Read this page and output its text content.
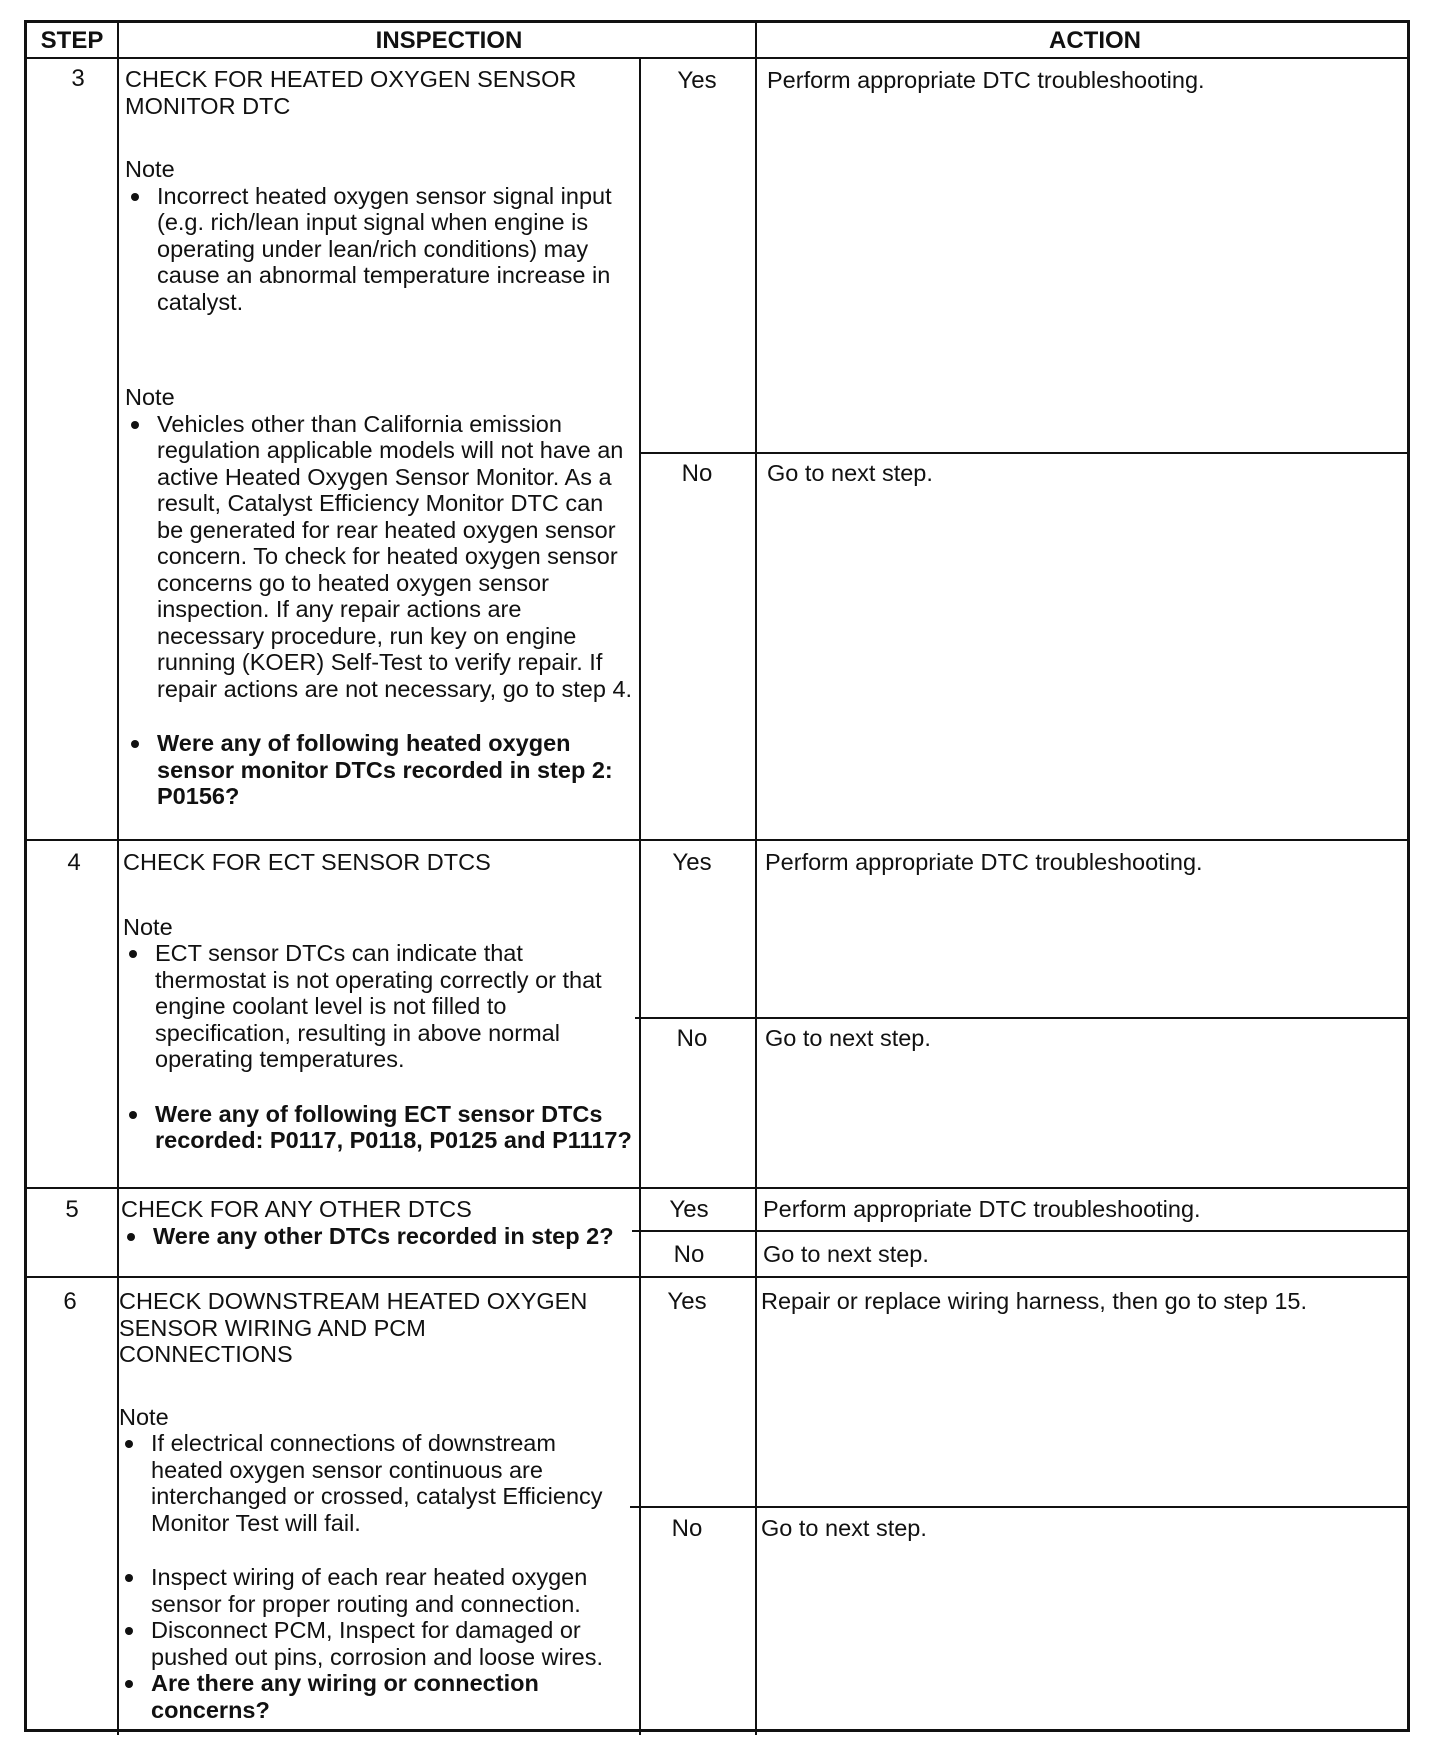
STEP	INSPECTION	ACTION
3	CHECK FOR HEATED OXYGEN SENSOR
MONITOR DTC
Note
Incorrect heated oxygen sensor signal input (e.g. rich/lean input signal when engine is operating under lean/rich conditions) may cause an abnormal temperature increase in catalyst.
Note
Vehicles other than California emission regulation applicable models will not have an active Heated Oxygen Sensor Monitor. As a result, Catalyst Efficiency Monitor DTC can be generated for rear heated oxygen sensor concern. To check for heated oxygen sensor concerns go to heated oxygen sensor inspection. If any repair actions are necessary procedure, run key on engine running (KOER) Self-Test to verify repair. If repair actions are not necessary, go to step 4.
Were any of following heated oxygen sensor monitor DTCs recorded in step 2: P0156?
Yes	Perform appropriate DTC troubleshooting.
No	Go to next step.
4	CHECK FOR ECT SENSOR DTCS
Note
ECT sensor DTCs can indicate that thermostat is not operating correctly or that engine coolant level is not filled to specification, resulting in above normal operating temperatures.
Were any of following ECT sensor DTCs recorded: P0117, P0118, P0125 and P1117?
Yes	Perform appropriate DTC troubleshooting.
No	Go to next step.
5	CHECK FOR ANY OTHER DTCS
Were any other DTCs recorded in step 2?
Yes	Perform appropriate DTC troubleshooting.
No	Go to next step.
6	CHECK DOWNSTREAM HEATED OXYGEN
SENSOR WIRING AND PCM
CONNECTIONS
Note
If electrical connections of downstream heated oxygen sensor continuous are interchanged or crossed, catalyst Efficiency Monitor Test will fail.
Inspect wiring of each rear heated oxygen sensor for proper routing and connection.
Disconnect PCM, Inspect for damaged or pushed out pins, corrosion and loose wires.
Are there any wiring or connection concerns?
Yes	Repair or replace wiring harness, then go to step 15.
No	Go to next step.
